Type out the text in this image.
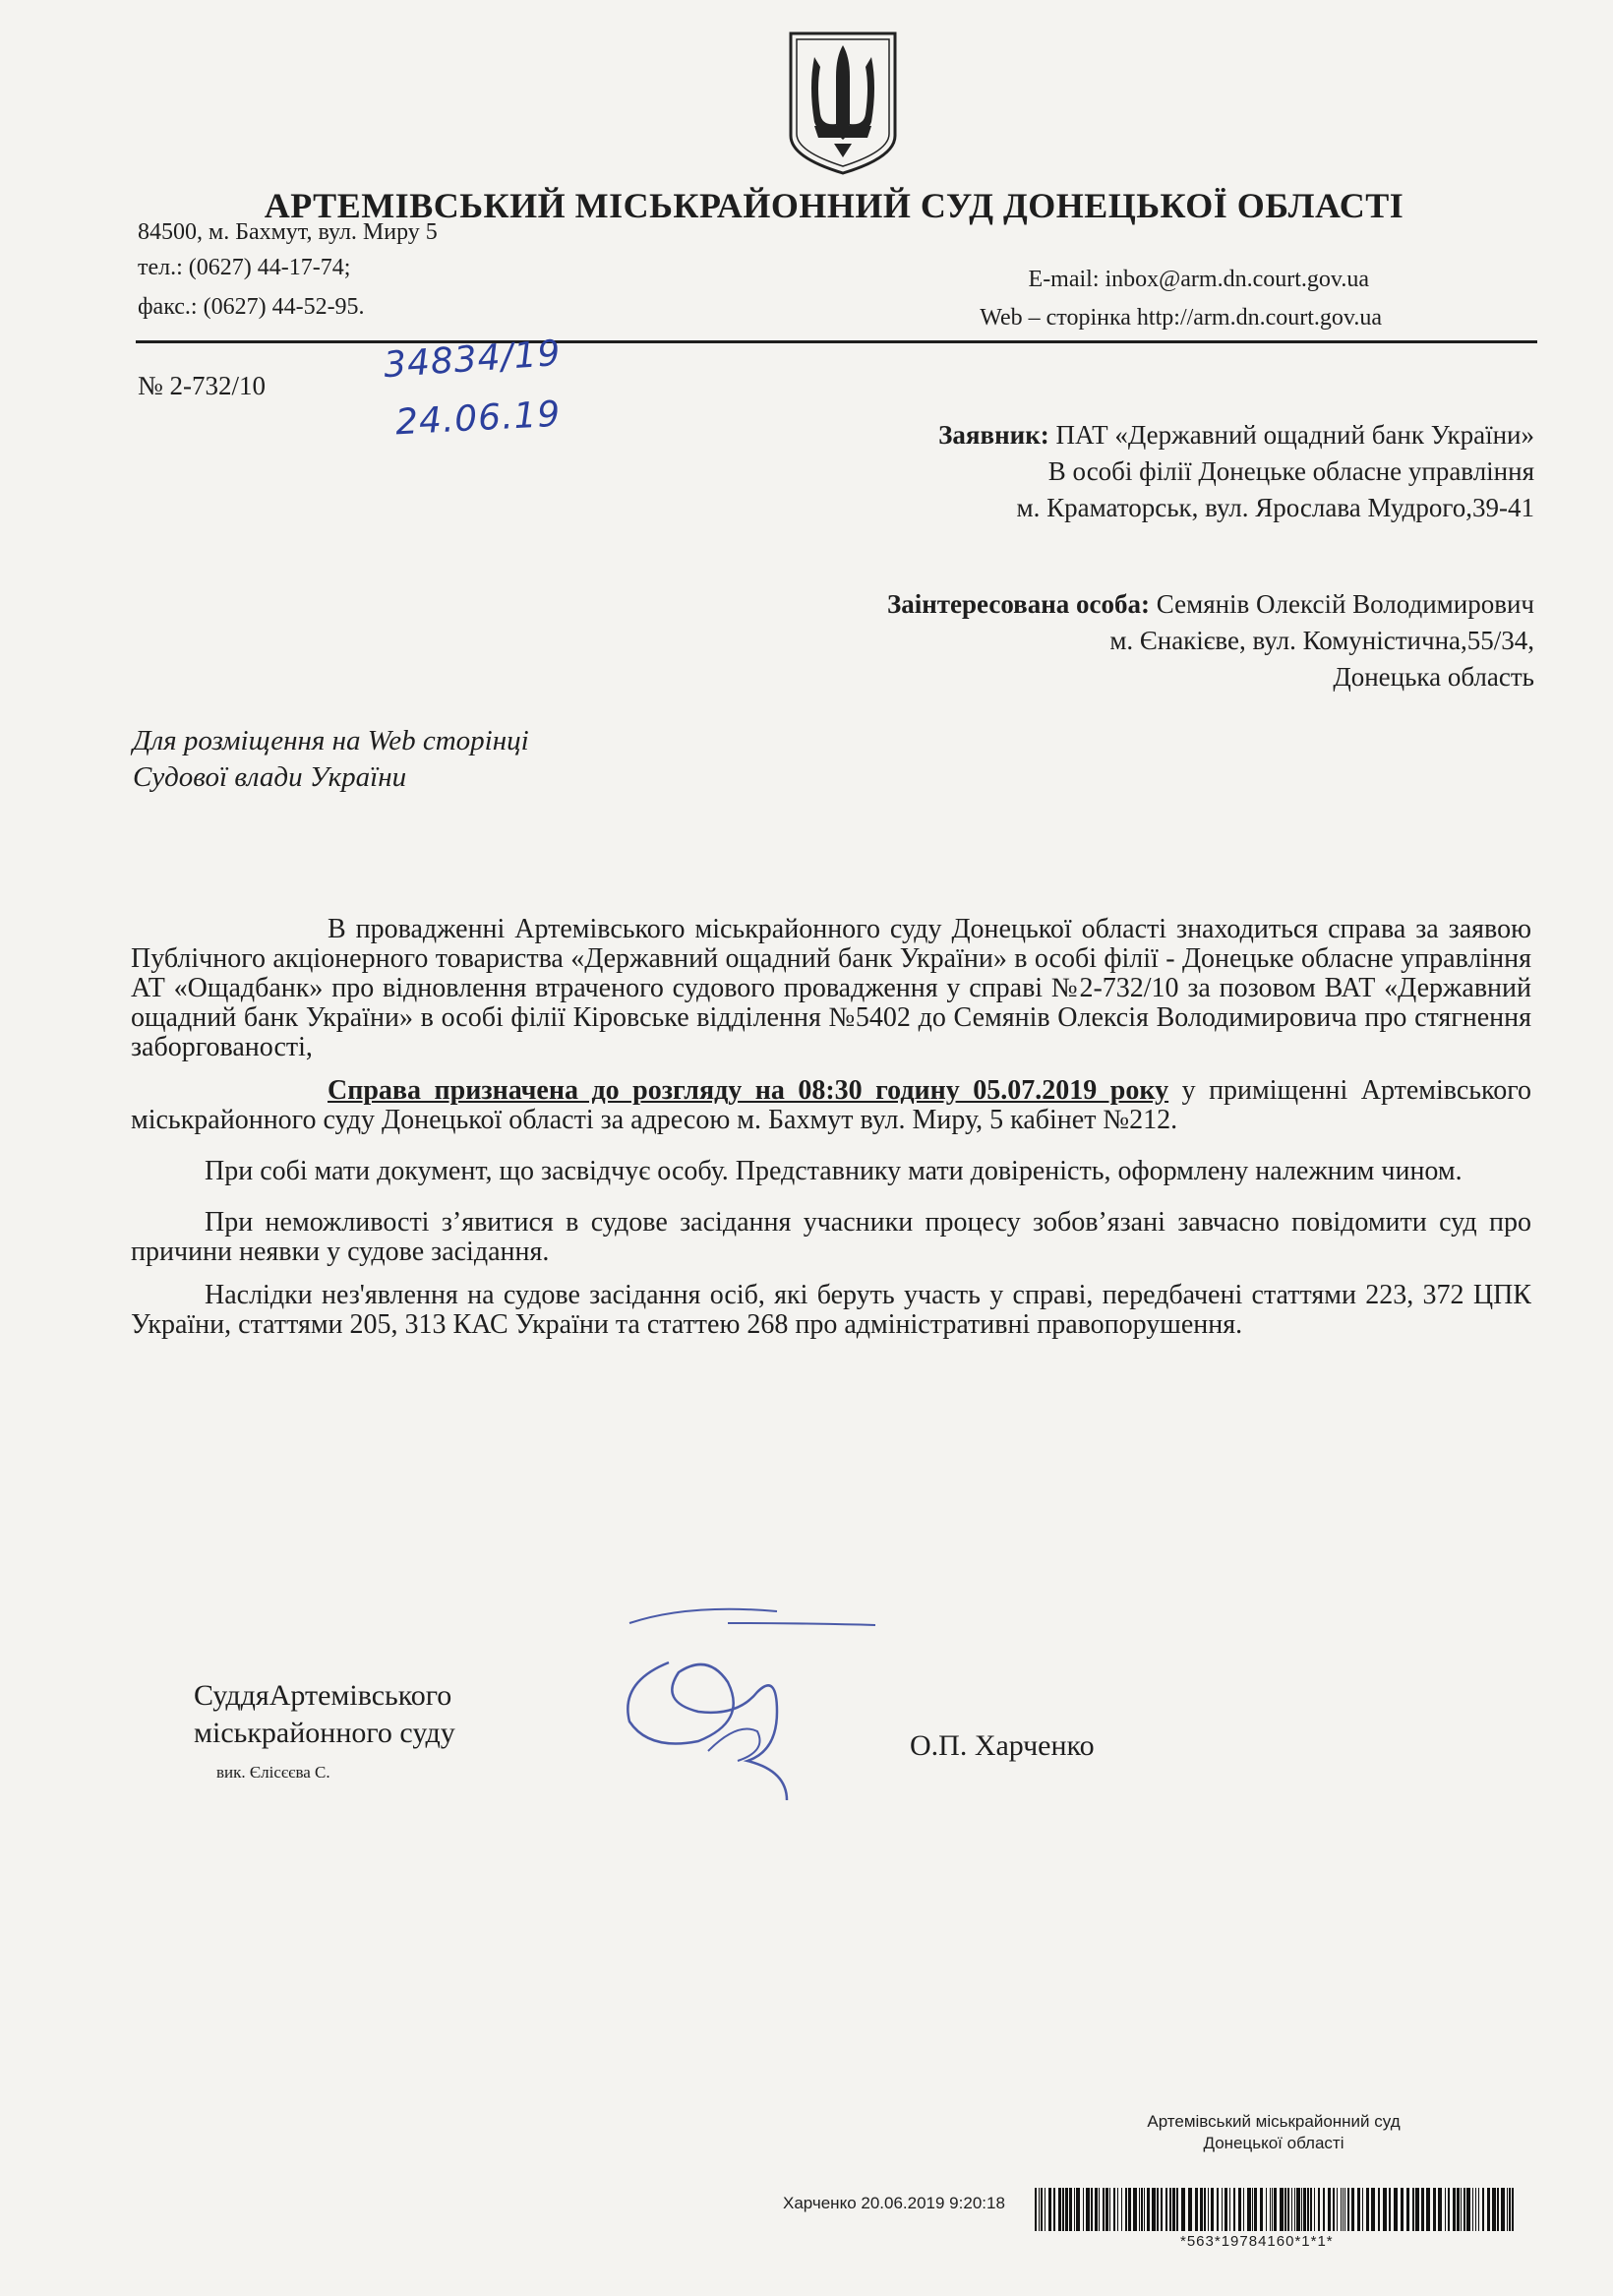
АРТЕМІВСЬКИЙ МІСЬКРАЙОННИЙ СУД ДОНЕЦЬКОЇ ОБЛАСТІ
84500, м. Бахмут, вул. Миру 5
тел.: (0627) 44-17-74;
факс.: (0627) 44-52-95.
E-mail: inbox@arm.dn.court.gov.ua
Web – сторінка http://arm.dn.court.gov.ua
№ 2-732/10	34834/19
24.06.19	Заявник: ПАТ «Державний ощадний банк України»
В особі філії Донецьке обласне управління
м. Краматорськ, вул. Ярослава Мудрого,39-41
Заінтересована особа: Семянів Олексій Володимирович
м. Єнакієве, вул. Комуністична,55/34,
Донецька область
Для розміщення на Web сторінці
Судової влади України

В провадженні Артемівського міськрайонного суду Донецької області знаходиться справа за заявою Публічного акціонерного товариства «Державний ощадний банк України» в особі філії - Донецьке обласне управління АТ «Ощадбанк» про відновлення втраченого судового провадження у справі №2-732/10 за позовом ВАТ «Державний ощадний банк України» в особі філії Кіровське відділення №5402 до Семянів Олексія Володимировича про стягнення заборгованості,

Справа призначена до розгляду на 08:30 годину 05.07.2019 року у приміщенні Артемівського міськрайонного суду Донецької області за адресою м. Бахмут вул. Миру, 5 кабінет №212.

При собі мати документ, що засвідчує особу. Представнику мати довіреність, оформлену належним чином.

При неможливості з’явитися в судове засідання учасники процесу зобов’язані завчасно повідомити суд про причини неявки у судове засідання.

Наслідки нез'явлення на судове засідання осіб, які беруть участь у справі, передбачені статтями 223, 372 ЦПК України, статтями 205, 313 КАС України та статтею 268 про адміністративні правопорушення.

СуддяАртемівського
міськрайонного суду
вик. Єлісєєва С.
О.П. Харченко
Артемівський міськрайонний суд
Донецької області
Харченко 20.06.2019 9:20:18
*563*19784160*1*1*
